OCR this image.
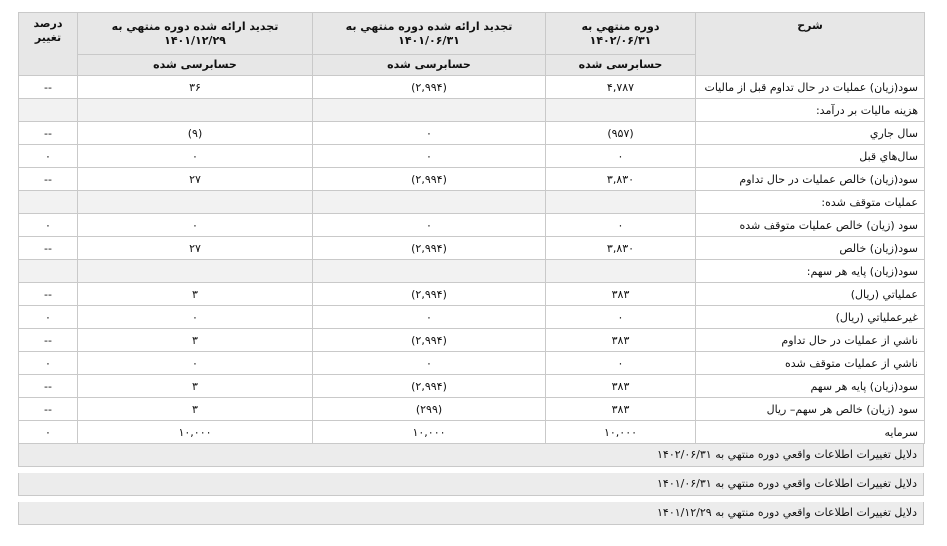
شرح	دوره منتهي به ۱۴۰۲/۰۶/۳۱	تجديد ارائه شده دوره منتهي به ۱۴۰۱/۰۶/۳۱	تجديد ارائه شده دوره منتهي به ۱۴۰۱/۱۲/۲۹	درصد تغيير
	حسابرسی شده	حسابرسی شده	حسابرسی شده	
سود(زيان) عمليات در حال تداوم قبل از ماليات	۴,۷۸۷	(۲,۹۹۴)	۳۶	--
هزينه ماليات بر درآمد:				
سال جاري	(۹۵۷)	۰	(۹)	--
سال‌هاي قبل	۰	۰	۰	۰
سود(زيان) خالص عمليات در حال تداوم	۳,۸۳۰	(۲,۹۹۴)	۲۷	--
عمليات متوقف شده:				
سود (زيان) خالص عمليات متوقف شده	۰	۰	۰	۰
سود(زيان) خالص	۳,۸۳۰	(۲,۹۹۴)	۲۷	--
سود(زيان) پايه هر سهم:				
عملياتي (ريال)	۳۸۳	(۲,۹۹۴)	۳	--
غيرعملياتي (ريال)	۰	۰	۰	۰
ناشي از عمليات در حال تداوم	۳۸۳	(۲,۹۹۴)	۳	--
ناشي از عمليات متوقف شده	۰	۰	۰	۰
سود(زيان) پايه هر سهم	۳۸۳	(۲,۹۹۴)	۳	--
سود (زيان) خالص هر سهم– ريال	۳۸۳	(۲۹۹)	۳	--
سرمايه	۱۰,۰۰۰	۱۰,۰۰۰	۱۰,۰۰۰	۰
دلایل تغییرات اطلاعات واقعي دوره منتهي به ۱۴۰۲/۰۶/۳۱
دلایل تغییرات اطلاعات واقعي دوره منتهي به ۱۴۰۱/۰۶/۳۱
دلایل تغییرات اطلاعات واقعي دوره منتهي به ۱۴۰۱/۱۲/۲۹
